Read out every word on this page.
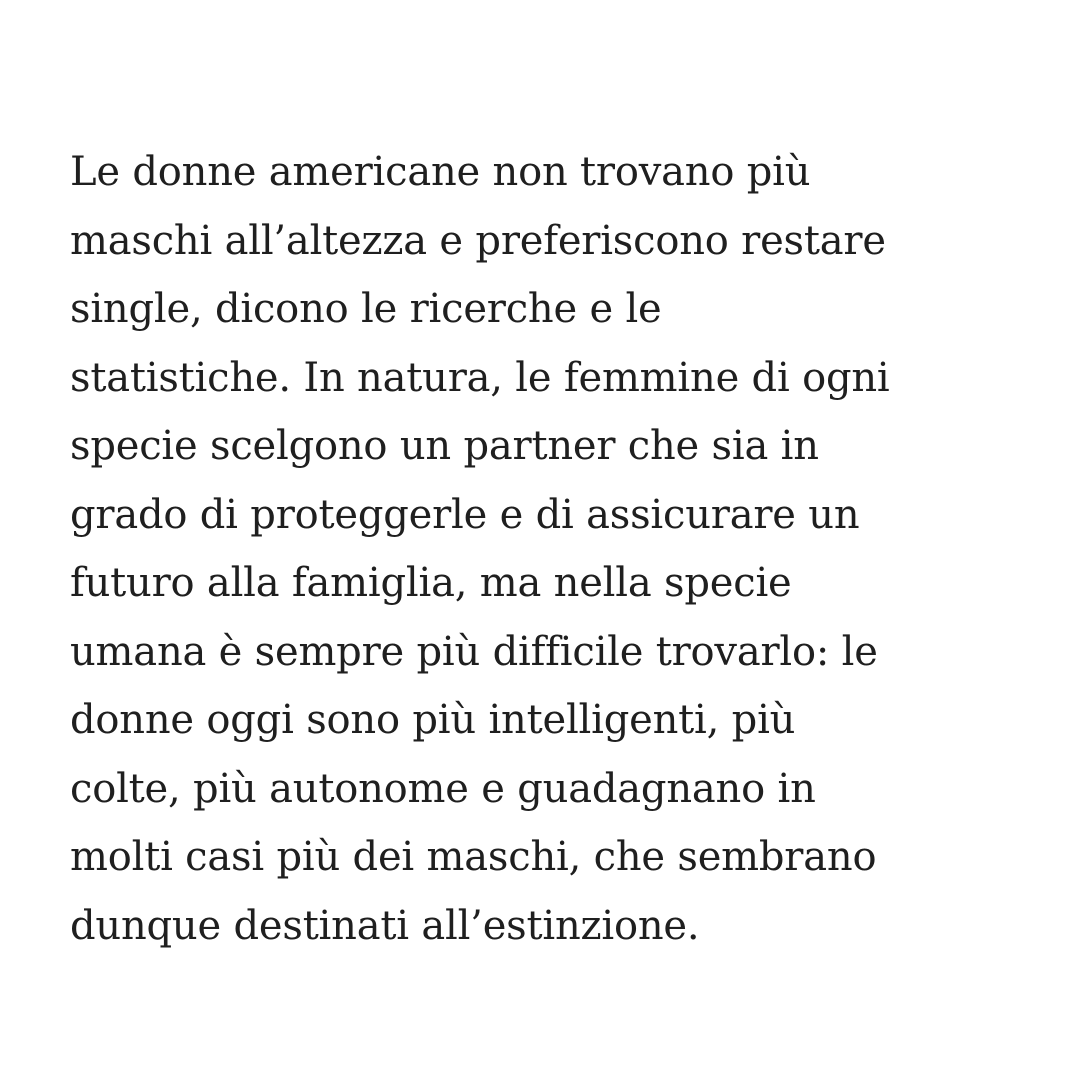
Le donne americane non trovano più
maschi all’altezza e preferiscono restare
single, dicono le ricerche e le
statistiche. In natura, le femmine di ogni
specie scelgono un partner che sia in
grado di proteggerle e di assicurare un
futuro alla famiglia, ma nella specie
umana è sempre più difficile trovarlo: le
donne oggi sono più intelligenti, più
colte, più autonome e guadagnano in
molti casi più dei maschi, che sembrano
dunque destinati all’estinzione.
